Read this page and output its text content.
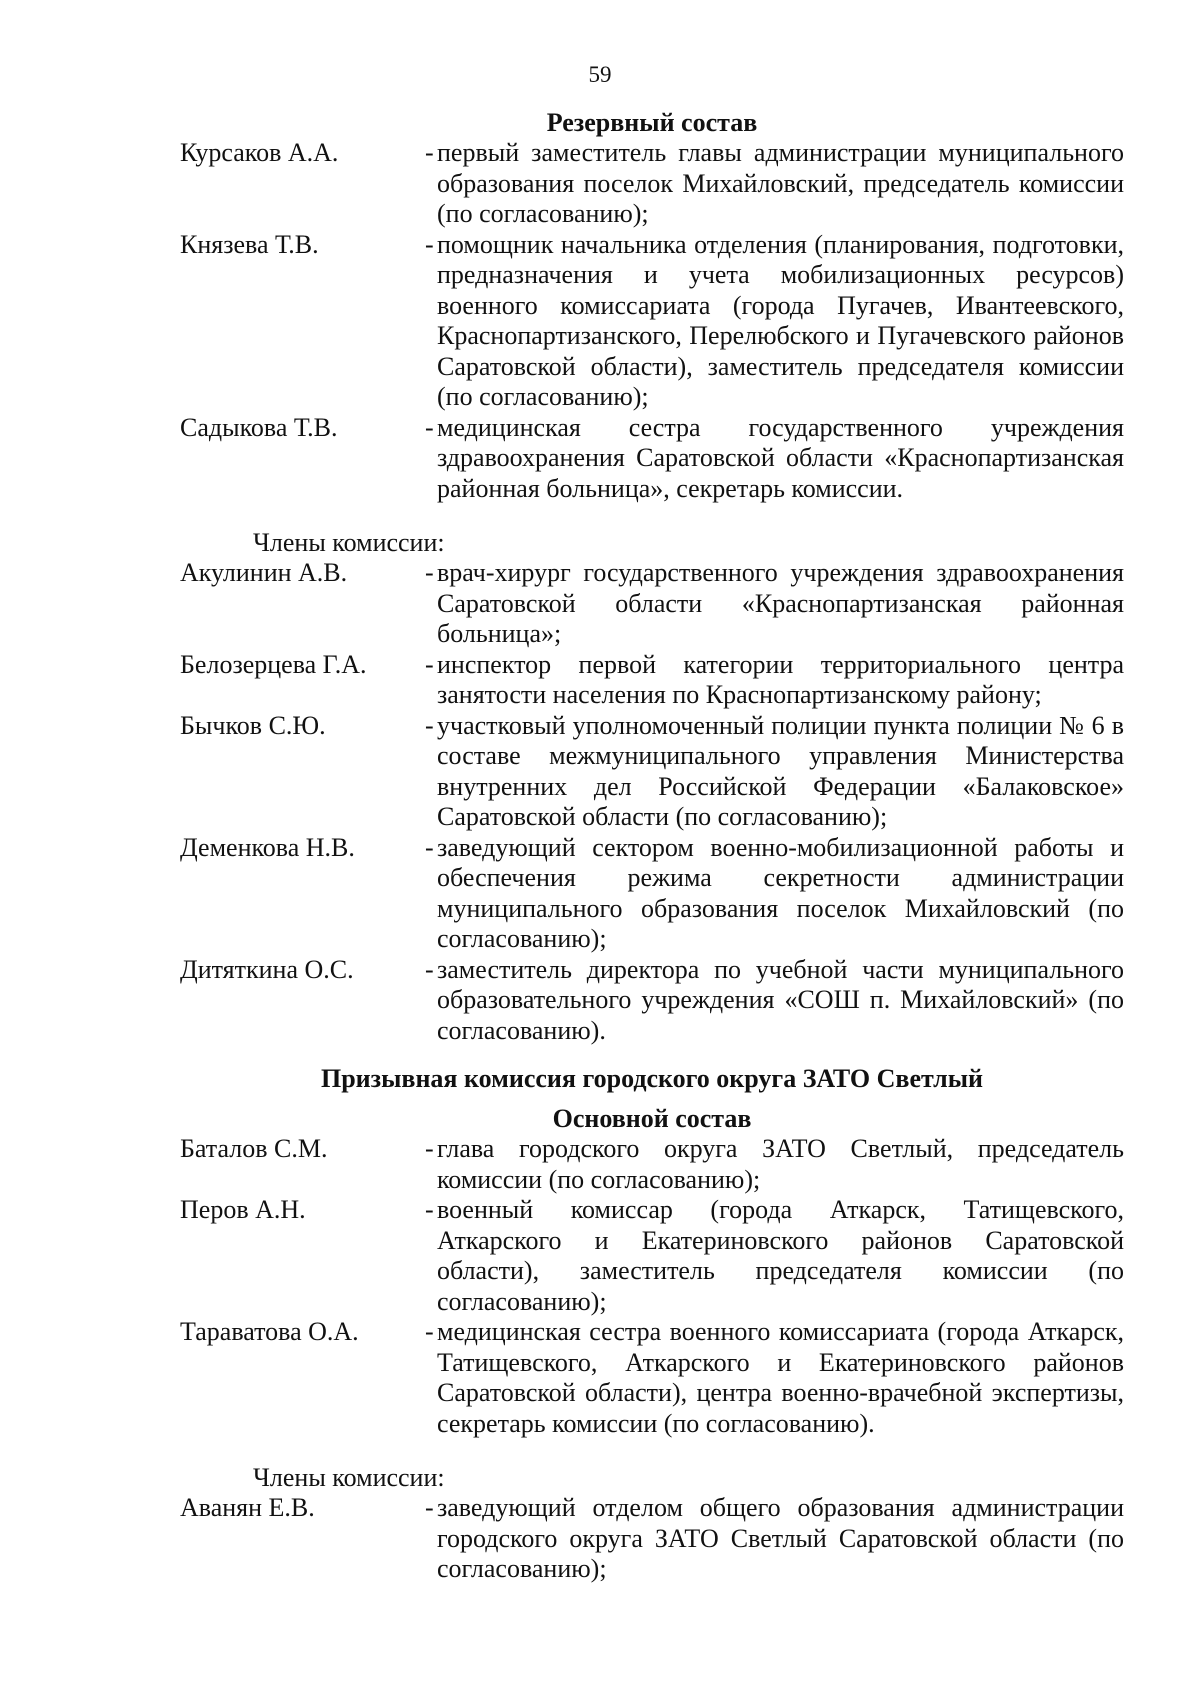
59
Резервный состав
Курсаков А.А.	- первый заместитель главы администрации муниципального образования поселок Михайловский, председатель комиссии (по согласованию);
Князева Т.В.	- помощник начальника отделения (планирования, подготовки, предназначения и учета мобилизационных ресурсов) военного комиссариата (города Пугачев, Ивантеевского, Краснопартизанского, Перелюбского и Пугачевского районов Саратовской области), заместитель председателя комиссии (по согласованию);
Садыкова Т.В.	- медицинская сестра государственного учреждения здравоохранения Саратовской области «Краснопартизанская районная больница», секретарь комиссии.
Члены комиссии:
Акулинин А.В.	- врач-хирург государственного учреждения здравоохранения Саратовской области «Краснопартизанская районная больница»;
Белозерцева Г.А.	- инспектор первой категории территориального центра занятости населения по Краснопартизанскому району;
Бычков С.Ю.	- участковый уполномоченный полиции пункта полиции № 6 в составе межмуниципального управления Министерства внутренних дел Российской Федерации «Балаковское» Саратовской области (по согласованию);
Деменкова Н.В.	- заведующий сектором военно-мобилизационной работы и обеспечения режима секретности администрации муниципального образования поселок Михайловский (по согласованию);
Дитяткина О.С.	- заместитель директора по учебной части муниципального образовательного учреждения «СОШ п. Михайловский» (по согласованию).
Призывная комиссия городского округа ЗАТО Светлый
Основной состав
Баталов С.М.	- глава городского округа ЗАТО Светлый, председатель комиссии (по согласованию);
Перов А.Н.	- военный комиссар (города Аткарск, Татищевского, Аткарского и Екатериновского районов Саратовской области), заместитель председателя комиссии (по согласованию);
Тараватова О.А.	- медицинская сестра военного комиссариата (города Аткарск, Татищевского, Аткарского и Екатериновского районов Саратовской области), центра военно-врачебной экспертизы, секретарь комиссии (по согласованию).
Члены комиссии:
Аванян Е.В.	- заведующий отделом общего образования администрации городского округа ЗАТО Светлый Саратовской области (по согласованию);
